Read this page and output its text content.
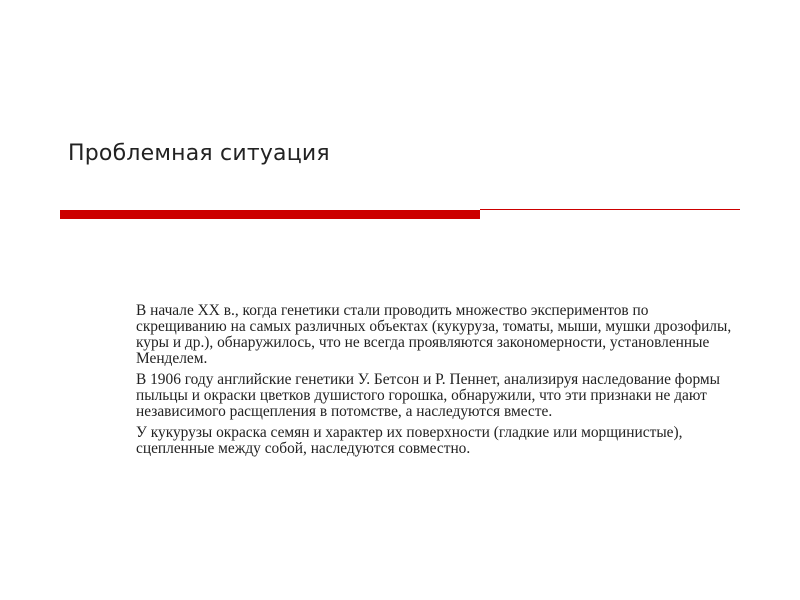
Проблемная ситуация

В начале XX в., когда генетики стали проводить множество экспериментов по скрещиванию на самых различных объектах (кукуруза, томаты, мыши, мушки дрозофилы, куры и др.), обнаружилось, что не всегда проявляются закономерности, установленные Менделем.

В 1906 году английские генетики У. Бетсон и Р. Пеннет, анализируя наследование формы пыльцы и окраски цветков душистого горошка, обнаружили, что эти признаки не дают независимого расщепления в потомстве, а наследуются вместе.

У кукурузы окраска семян и характер их поверхности (гладкие или морщинистые), сцепленные между собой, наследуются совместно.
